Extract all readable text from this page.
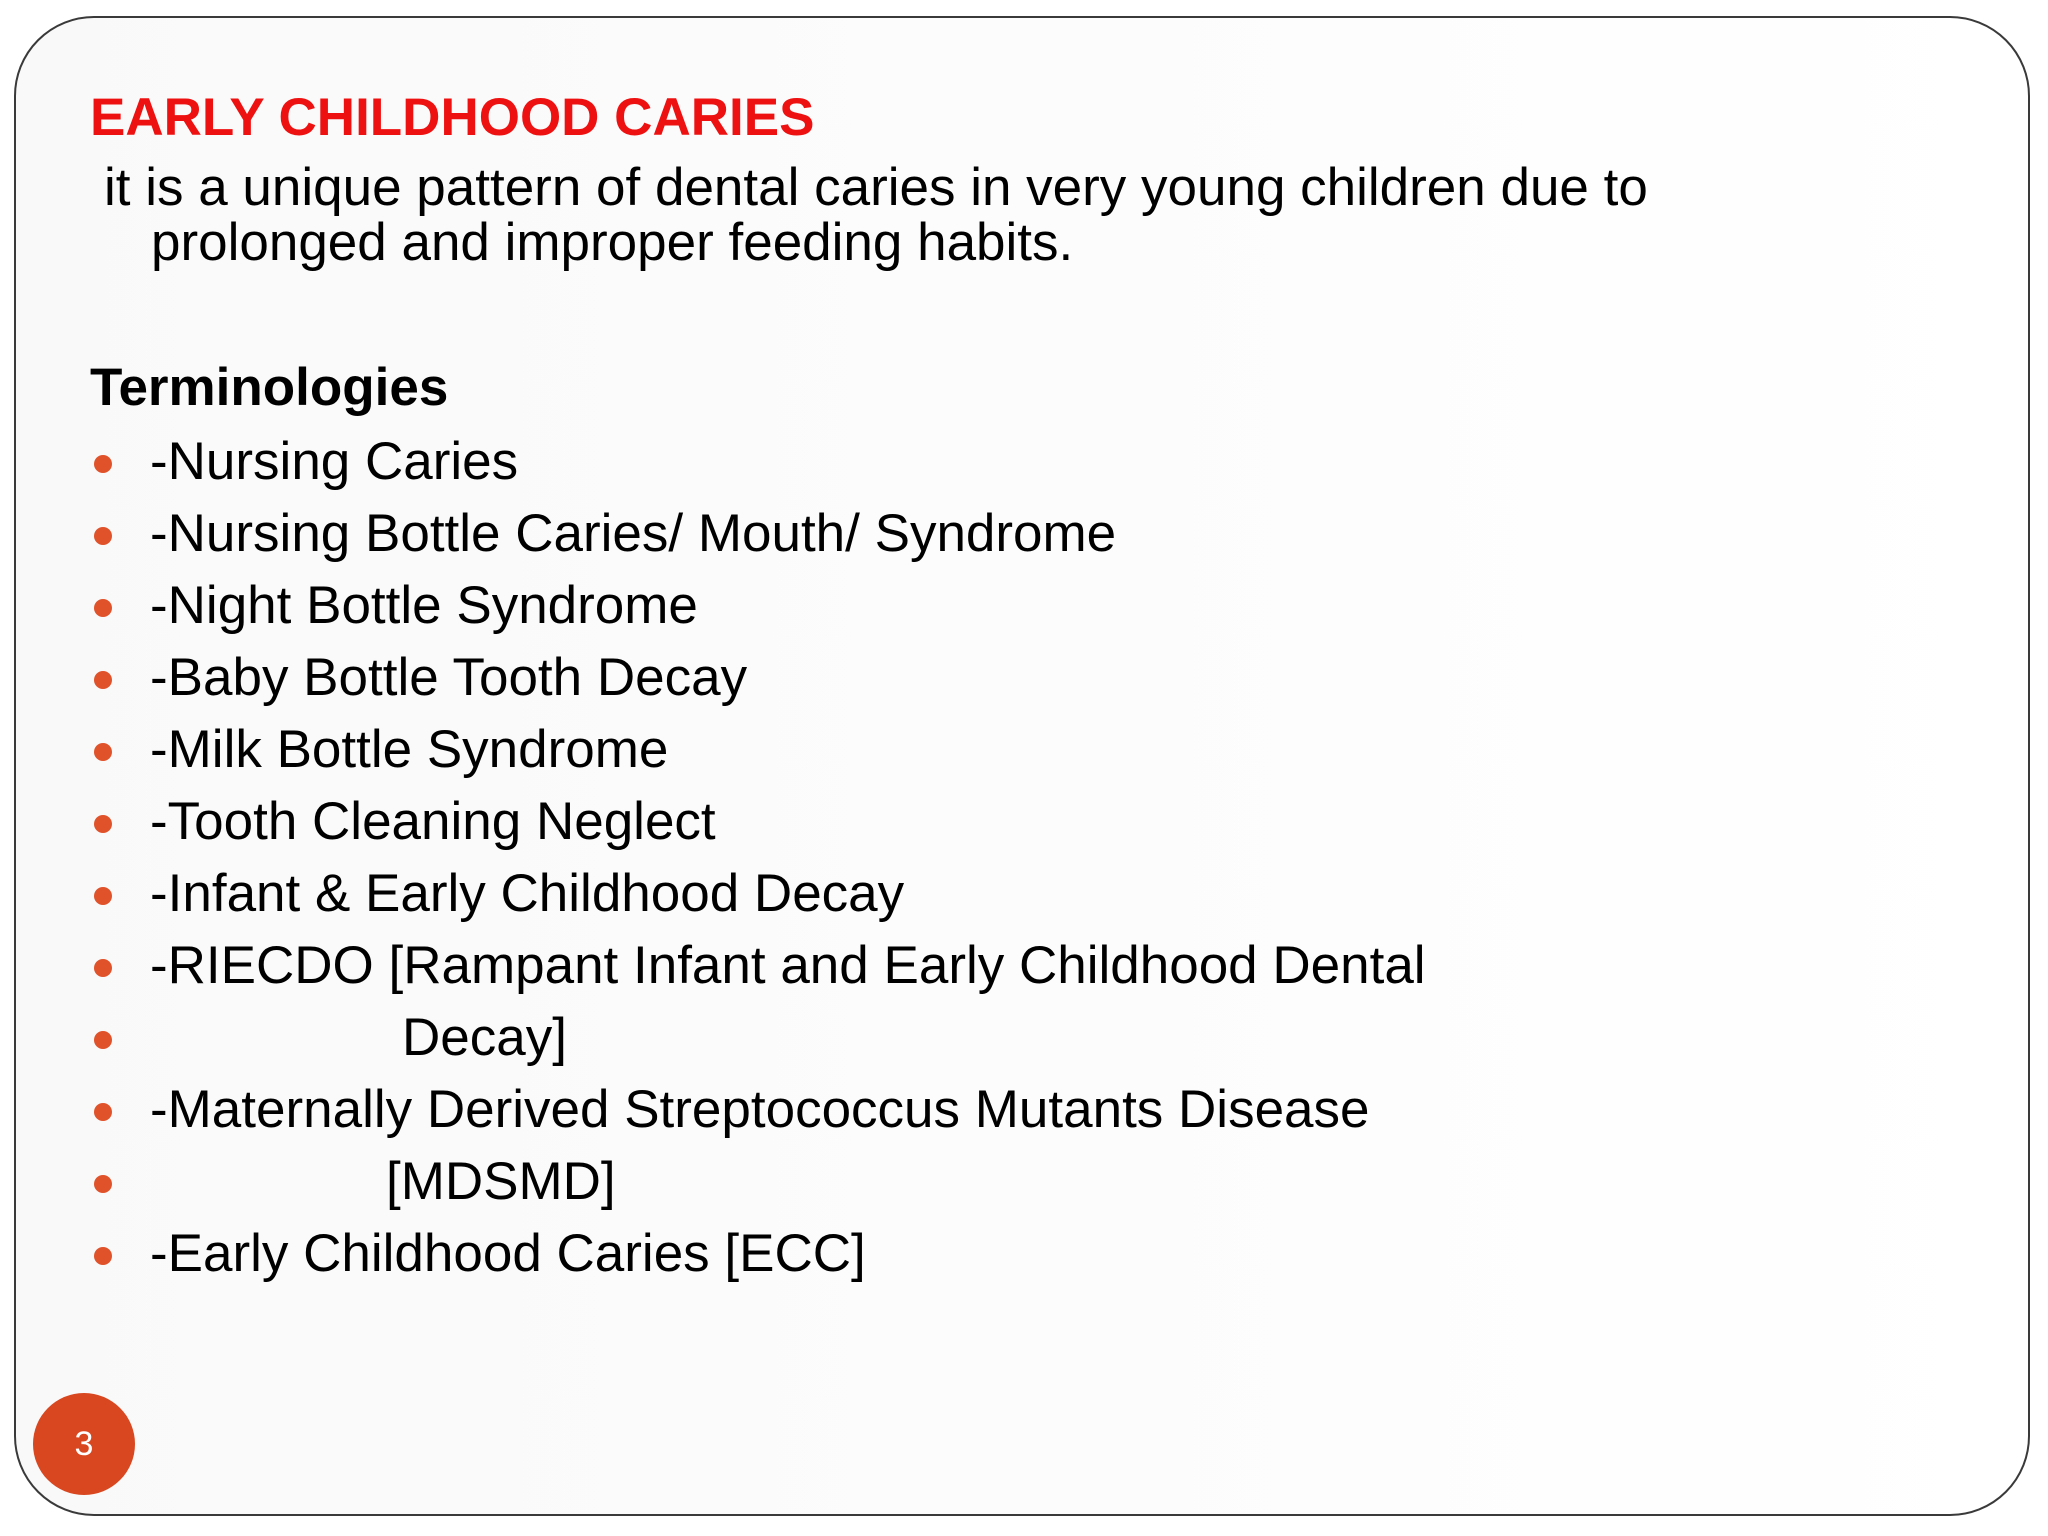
EARLY CHILDHOOD CARIES
it is a unique pattern of dental caries in very young children due to
prolonged and improper feeding habits.
Terminologies
-Nursing Caries
-Nursing Bottle Caries/ Mouth/ Syndrome
-Night Bottle Syndrome
-Baby Bottle Tooth Decay
-Milk Bottle Syndrome
-Tooth Cleaning Neglect
-Infant & Early Childhood Decay
-RIECDO [Rampant Infant and Early Childhood Dental
Decay]
-Maternally Derived Streptococcus Mutants Disease
[MDSMD]
-Early Childhood Caries [ECC]
3
